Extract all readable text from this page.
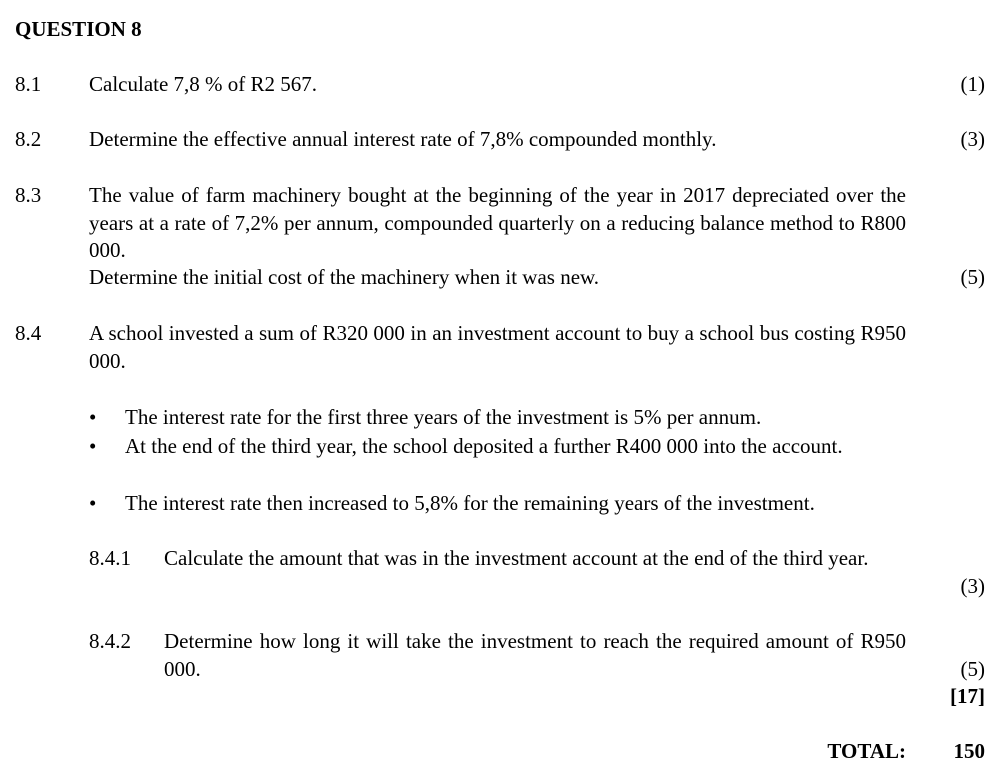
QUESTION 8
8.1 Calculate 7,8 % of R2 567.	(1)
8.2 Determine the effective annual interest rate of 7,8% compounded monthly.	(3)
8.3 The value of farm machinery bought at the beginning of the year in 2017 depreciated over the years at a rate of 7,2% per annum, compounded quarterly on a reducing balance method to R800 000.
Determine the initial cost of the machinery when it was new.	(5)
8.4 A school invested a sum of R320 000 in an investment account to buy a school bus costing R950 000.
• The interest rate for the first three years of the investment is 5% per annum.
• At the end of the third year, the school deposited a further R400 000 into the account.
• The interest rate then increased to 5,8% for the remaining years of the investment.
8.4.1 Calculate the amount that was in the investment account at the end of the third year.
(3)
8.4.2 Determine how long it will take the investment to reach the required amount of R950 000.	(5)
[17]
TOTAL: 150
